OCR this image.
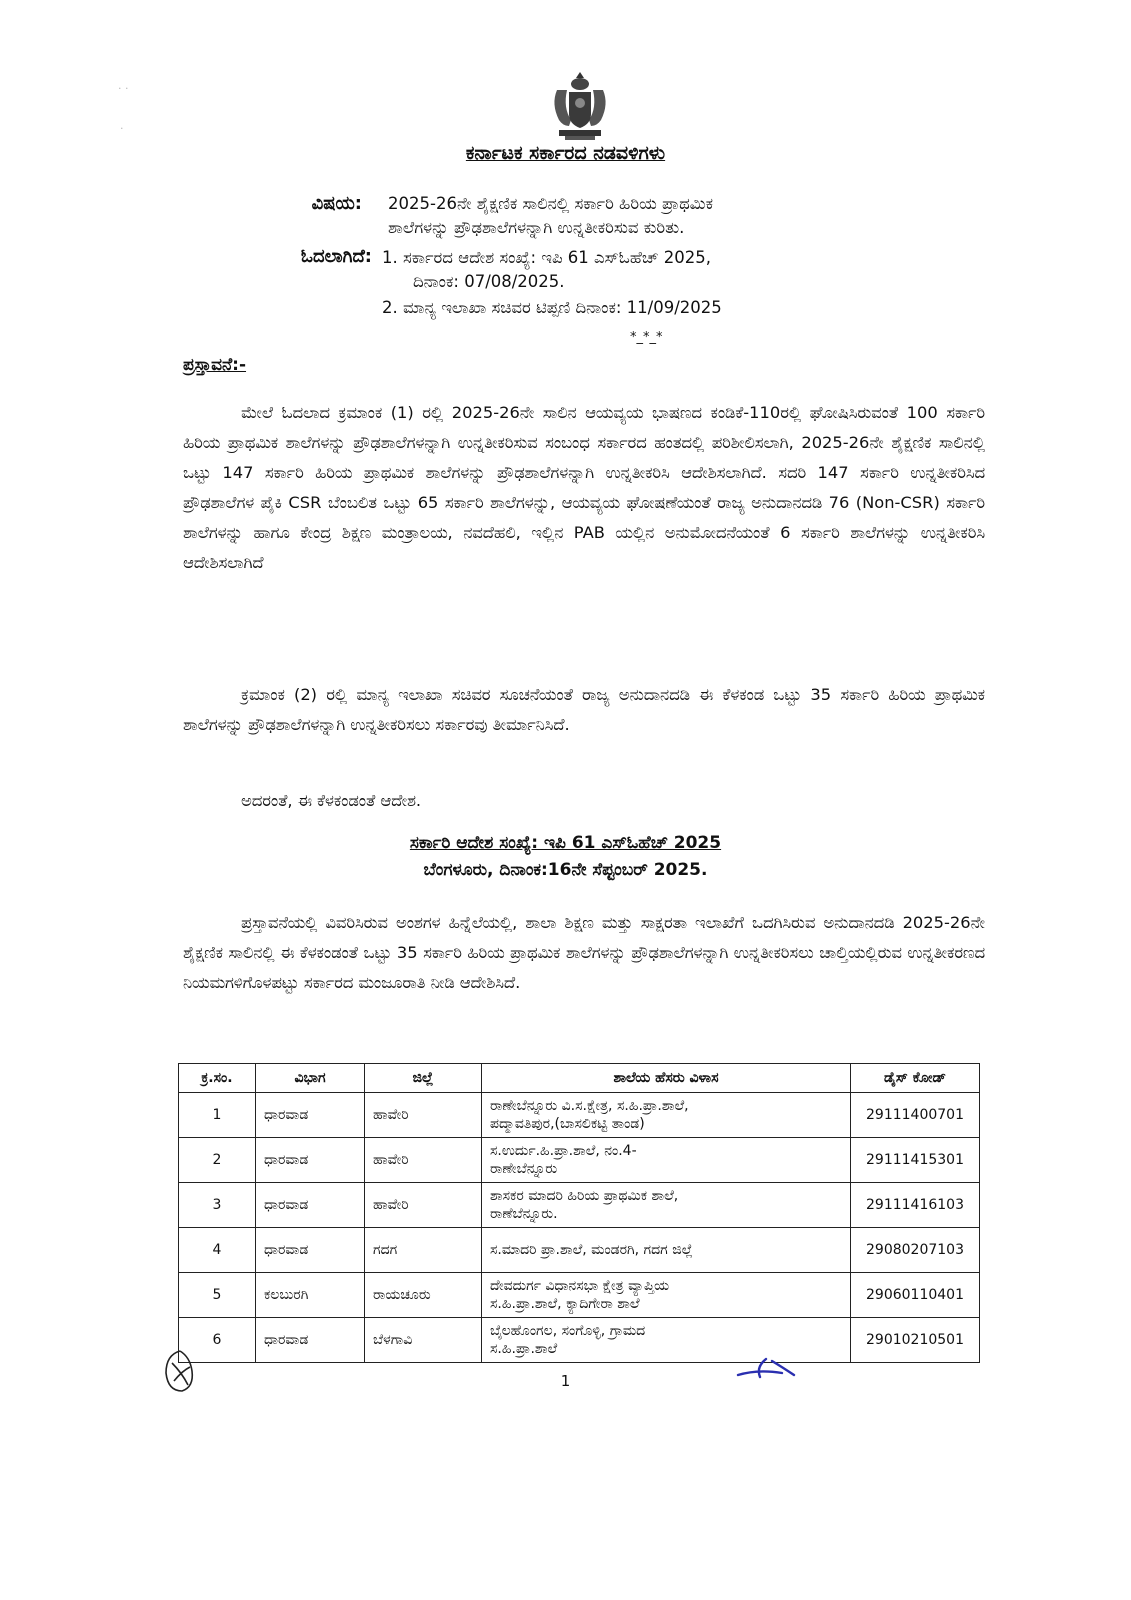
· ·
·
ಕರ್ನಾಟಕ ಸರ್ಕಾರದ ನಡವಳಿಗಳು
ವಿಷಯ: 2025-26ನೇ ಶೈಕ್ಷಣಿಕ ಸಾಲಿನಲ್ಲಿ ಸರ್ಕಾರಿ ಹಿರಿಯ ಪ್ರಾಥಮಿಕ
ಶಾಲೆಗಳನ್ನು ಪ್ರೌಢಶಾಲೆಗಳನ್ನಾಗಿ ಉನ್ನತೀಕರಿಸುವ ಕುರಿತು.
ಓದಲಾಗಿದೆ: 1. ಸರ್ಕಾರದ ಆದೇಶ ಸಂಖ್ಯೆ: ಇಪಿ 61 ಎಸ್‌ಓಹೆಚ್ 2025,
ದಿನಾಂಕ: 07/08/2025.
2. ಮಾನ್ಯ ಇಲಾಖಾ ಸಚಿವರ ಟಿಪ್ಪಣಿ ದಿನಾಂಕ: 11/09/2025
*_*_*
ಪ್ರಸ್ತಾವನೆ:-
ಮೇಲೆ ಓದಲಾದ ಕ್ರಮಾಂಕ (1) ರಲ್ಲಿ 2025-26ನೇ ಸಾಲಿನ ಆಯವ್ಯಯ ಭಾಷಣದ ಕಂಡಿಕೆ-110ರಲ್ಲಿ ಘೋಷಿಸಿರುವಂತೆ 100 ಸರ್ಕಾರಿ ಹಿರಿಯ ಪ್ರಾಥಮಿಕ ಶಾಲೆಗಳನ್ನು ಪ್ರೌಢಶಾಲೆಗಳನ್ನಾಗಿ ಉನ್ನತೀಕರಿಸುವ ಸಂಬಂಧ ಸರ್ಕಾರದ ಹಂತದಲ್ಲಿ ಪರಿಶೀಲಿಸಲಾಗಿ, 2025-26ನೇ ಶೈಕ್ಷಣಿಕ ಸಾಲಿನಲ್ಲಿ ಒಟ್ಟು 147 ಸರ್ಕಾರಿ ಹಿರಿಯ ಪ್ರಾಥಮಿಕ ಶಾಲೆಗಳನ್ನು ಪ್ರೌಢಶಾಲೆಗಳನ್ನಾಗಿ ಉನ್ನತೀಕರಿಸಿ ಆದೇಶಿಸಲಾಗಿದೆ. ಸದರಿ 147 ಸರ್ಕಾರಿ ಉನ್ನತೀಕರಿಸಿದ ಪ್ರೌಢಶಾಲೆಗಳ ಪೈಕಿ CSR ಬೆಂಬಲಿತ ಒಟ್ಟು 65 ಸರ್ಕಾರಿ ಶಾಲೆಗಳನ್ನು, ಆಯವ್ಯಯ ಘೋಷಣೆಯಂತೆ ರಾಜ್ಯ ಅನುದಾನದಡಿ 76 (Non-CSR) ಸರ್ಕಾರಿ ಶಾಲೆಗಳನ್ನು ಹಾಗೂ ಕೇಂದ್ರ ಶಿಕ್ಷಣ ಮಂತ್ರಾಲಯ, ನವದೆಹಲಿ, ಇಲ್ಲಿನ PAB ಯಲ್ಲಿನ ಅನುಮೋದನೆಯಂತೆ 6 ಸರ್ಕಾರಿ ಶಾಲೆಗಳನ್ನು ಉನ್ನತೀಕರಿಸಿ ಆದೇಶಿಸಲಾಗಿದೆ
ಕ್ರಮಾಂಕ (2) ರಲ್ಲಿ ಮಾನ್ಯ ಇಲಾಖಾ ಸಚಿವರ ಸೂಚನೆಯಂತೆ ರಾಜ್ಯ ಅನುದಾನದಡಿ ಈ ಕೆಳಕಂಡ ಒಟ್ಟು 35 ಸರ್ಕಾರಿ ಹಿರಿಯ ಪ್ರಾಥಮಿಕ ಶಾಲೆಗಳನ್ನು ಪ್ರೌಢಶಾಲೆಗಳನ್ನಾಗಿ ಉನ್ನತೀಕರಿಸಲು ಸರ್ಕಾರವು ತೀರ್ಮಾನಿಸಿದೆ.
ಅದರಂತೆ, ಈ ಕೆಳಕಂಡಂತೆ ಆದೇಶ.
ಸರ್ಕಾರಿ ಆದೇಶ ಸಂಖ್ಯೆ: ಇಪಿ 61 ಎಸ್‌ಓಹೆಚ್ 2025
ಬೆಂಗಳೂರು, ದಿನಾಂಕ:16ನೇ ಸೆಪ್ಟಂಬರ್ 2025.
ಪ್ರಸ್ತಾವನೆಯಲ್ಲಿ ವಿವರಿಸಿರುವ ಅಂಶಗಳ ಹಿನ್ನೆಲೆಯಲ್ಲಿ, ಶಾಲಾ ಶಿಕ್ಷಣ ಮತ್ತು ಸಾಕ್ಷರತಾ ಇಲಾಖೆಗೆ ಒದಗಿಸಿರುವ ಅನುದಾನದಡಿ 2025-26ನೇ ಶೈಕ್ಷಣಿಕ ಸಾಲಿನಲ್ಲಿ ಈ ಕೆಳಕಂಡಂತೆ ಒಟ್ಟು 35 ಸರ್ಕಾರಿ ಹಿರಿಯ ಪ್ರಾಥಮಿಕ ಶಾಲೆಗಳನ್ನು ಪ್ರೌಢಶಾಲೆಗಳನ್ನಾಗಿ ಉನ್ನತೀಕರಿಸಲು ಚಾಲ್ತಿಯಲ್ಲಿರುವ ಉನ್ನತೀಕರಣದ ನಿಯಮಗಳಿಗೊಳಪಟ್ಟು ಸರ್ಕಾರದ ಮಂಜೂರಾತಿ ನೀಡಿ ಆದೇಶಿಸಿದೆ.
ಕ್ರ.ಸಂ.	ವಿಭಾಗ	ಜಿಲ್ಲೆ	ಶಾಲೆಯ ಹೆಸರು ವಿಳಾಸ	ಡೈಸ್ ಕೋಡ್
1	ಧಾರವಾಡ	ಹಾವೇರಿ	ರಾಣೇಬೆನ್ನೂರು ವಿ.ಸ.ಕ್ಷೇತ್ರ, ಸ.ಹಿ.ಪ್ರಾ.ಶಾಲೆ,
ಪದ್ಮಾವತಿಪುರ,(ಬಾಸಲಿಕಟ್ಟಿ ತಾಂಡ)	29111400701
2	ಧಾರವಾಡ	ಹಾವೇರಿ	ಸ.ಉರ್ದು.ಹಿ.ಪ್ರಾ.ಶಾಲೆ, ನಂ.4-
ರಾಣೇಬೆನ್ನೂರು	29111415301
3	ಧಾರವಾಡ	ಹಾವೇರಿ	ಶಾಸಕರ ಮಾದರಿ ಹಿರಿಯ ಪ್ರಾಥಮಿಕ ಶಾಲೆ,
ರಾಣೆಬೆನ್ನೂರು.	29111416103
4	ಧಾರವಾಡ	ಗದಗ	ಸ.ಮಾದರಿ ಪ್ರಾ.ಶಾಲೆ, ಮಂಡರಗಿ, ಗದಗ ಜಿಲ್ಲೆ	29080207103
5	ಕಲಬುರಗಿ	ರಾಯಚೂರು	ದೇವದುರ್ಗ ವಿಧಾನಸಭಾ ಕ್ಷೇತ್ರ ವ್ಯಾಪ್ತಿಯ
ಸ.ಹಿ.ಪ್ರಾ.ಶಾಲೆ, ಕ್ಯಾದಿಗೇರಾ ಶಾಲೆ	29060110401
6	ಧಾರವಾಡ	ಬೆಳಗಾವಿ	ಬೈಲಹೊಂಗಲ, ಸಂಗೊಳ್ಳಿ, ಗ್ರಾಮದ
ಸ.ಹಿ.ಪ್ರಾ.ಶಾಲೆ	29010210501
1
